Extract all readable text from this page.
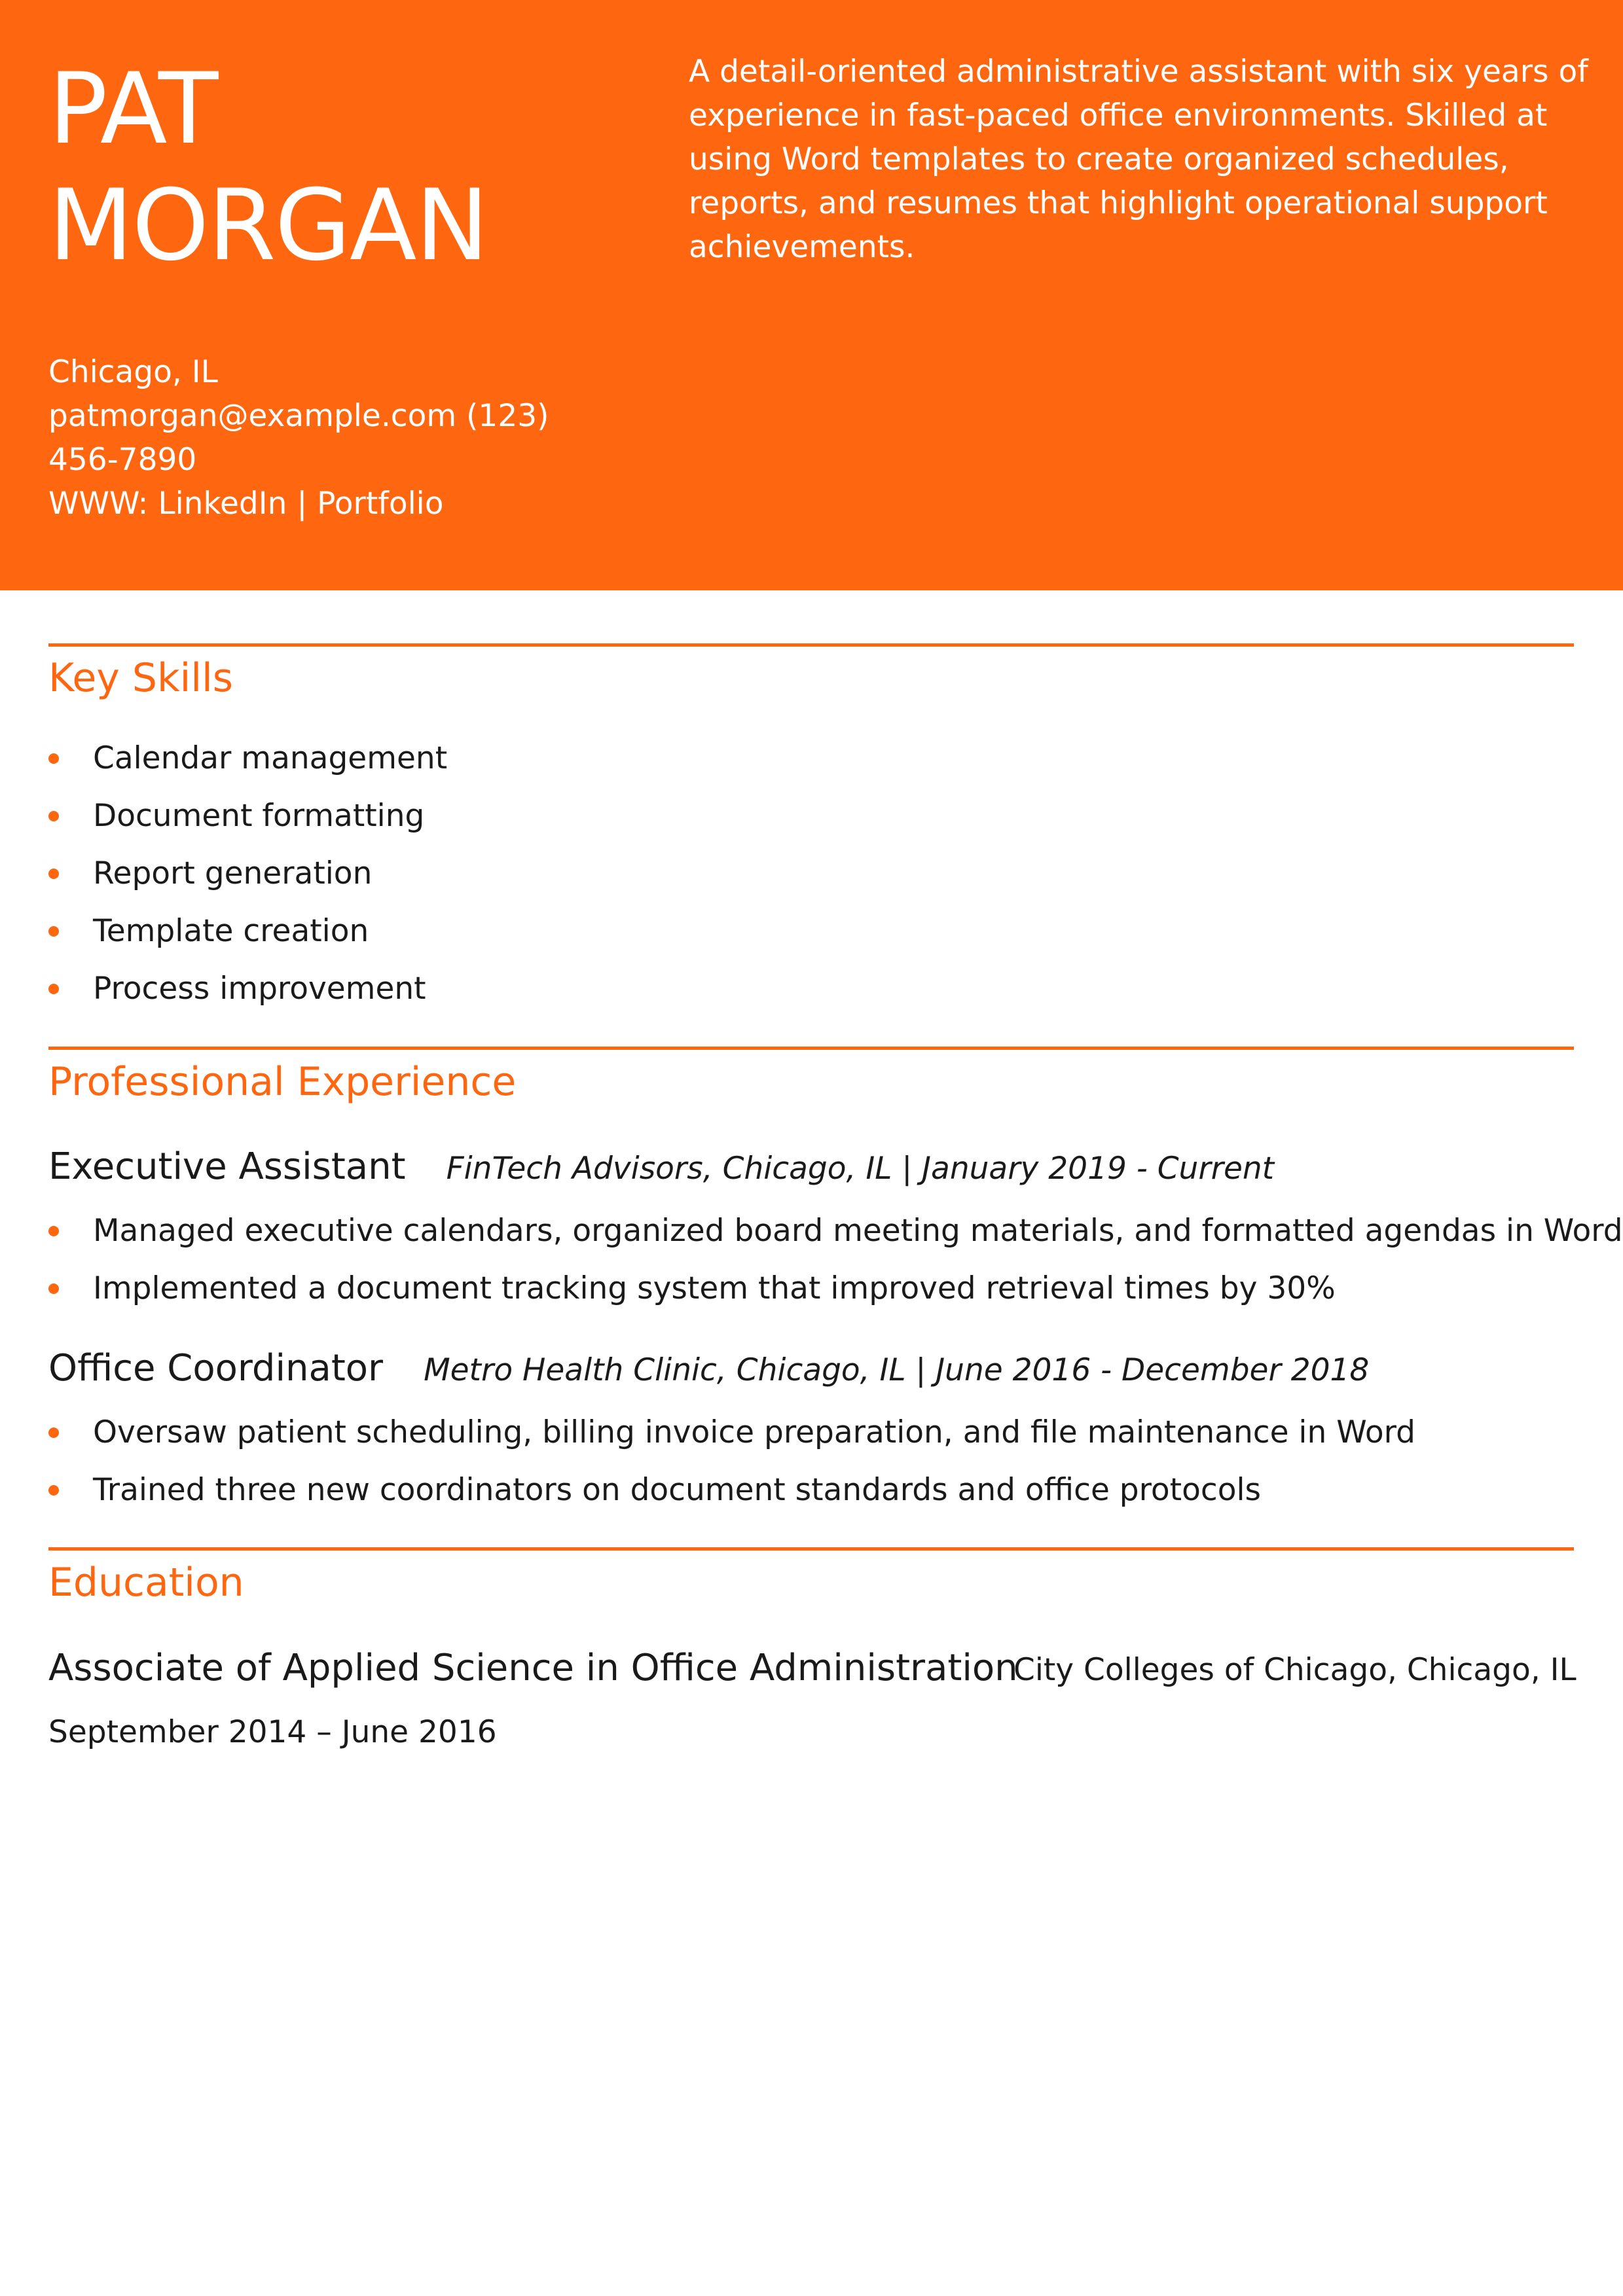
PAT
MORGAN
A detail-oriented administrative assistant with six years of experience in fast-paced office environments. Skilled at using Word templates to create organized schedules, reports, and resumes that highlight operational support achievements.
Chicago, IL
patmorgan@example.com (123)
456-7890
WWW: LinkedIn | Portfolio
Key Skills
Calendar management
Document formatting
Report generation
Template creation
Process improvement
Professional Experience
Executive Assistant FinTech Advisors, Chicago, IL | January 2019 - Current
Managed executive calendars, organized board meeting materials, and formatted agendas in Word
Implemented a document tracking system that improved retrieval times by 30%
Office Coordinator Metro Health Clinic, Chicago, IL | June 2016 - December 2018
Oversaw patient scheduling, billing invoice preparation, and file maintenance in Word
Trained three new coordinators on document standards and office protocols
Education
Associate of Applied Science in Office Administration
City Colleges of Chicago, Chicago, IL
September 2014 – June 2016
